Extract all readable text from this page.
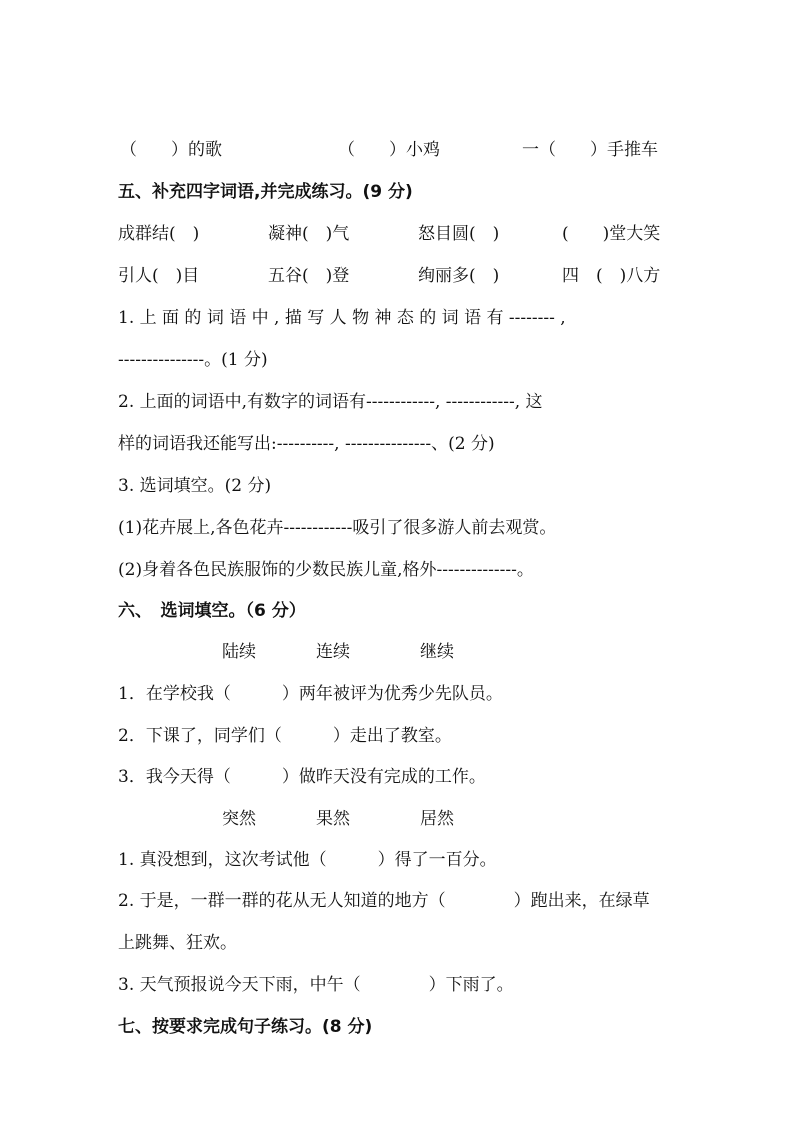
（　　）的歌	（　　）小鸡	一（　　）手推车
五、补充四字词语,并完成练习。(9 分)
成群结(　)	凝神(　)气	怒目圆(　)	(　　)堂大笑
引人(　)目	五谷(　)登	绚丽多(　)	四　(　)八方
1. 上 面 的 词 语 中 , 描 写 人 物 神 态 的 词 语 有 -------- ,
---------------。(1 分)
2. 上面的词语中,有数字的词语有------------, ------------, 这
样的词语我还能写出:----------, ---------------、(2 分)
3. 选词填空。(2 分)
(1)花卉展上,各色花卉------------吸引了很多游人前去观赏。
(2)身着各色民族服饰的少数民族儿童,格外--------------。
六、　选词填空。（6 分）
陆续	连续	继续
1．在学校我（　　　）两年被评为优秀少先队员。
2．下课了，同学们（　　　）走出了教室。
3．我今天得（　　　）做昨天没有完成的工作。
突然	果然	居然
1. 真没想到，这次考试他（　　　）得了一百分。
2. 于是，一群一群的花从无人知道的地方（　　　　）跑出来，在绿草
上跳舞、狂欢。
3. 天气预报说今天下雨，中午（　　　　）下雨了。
七、按要求完成句子练习。(8 分)
